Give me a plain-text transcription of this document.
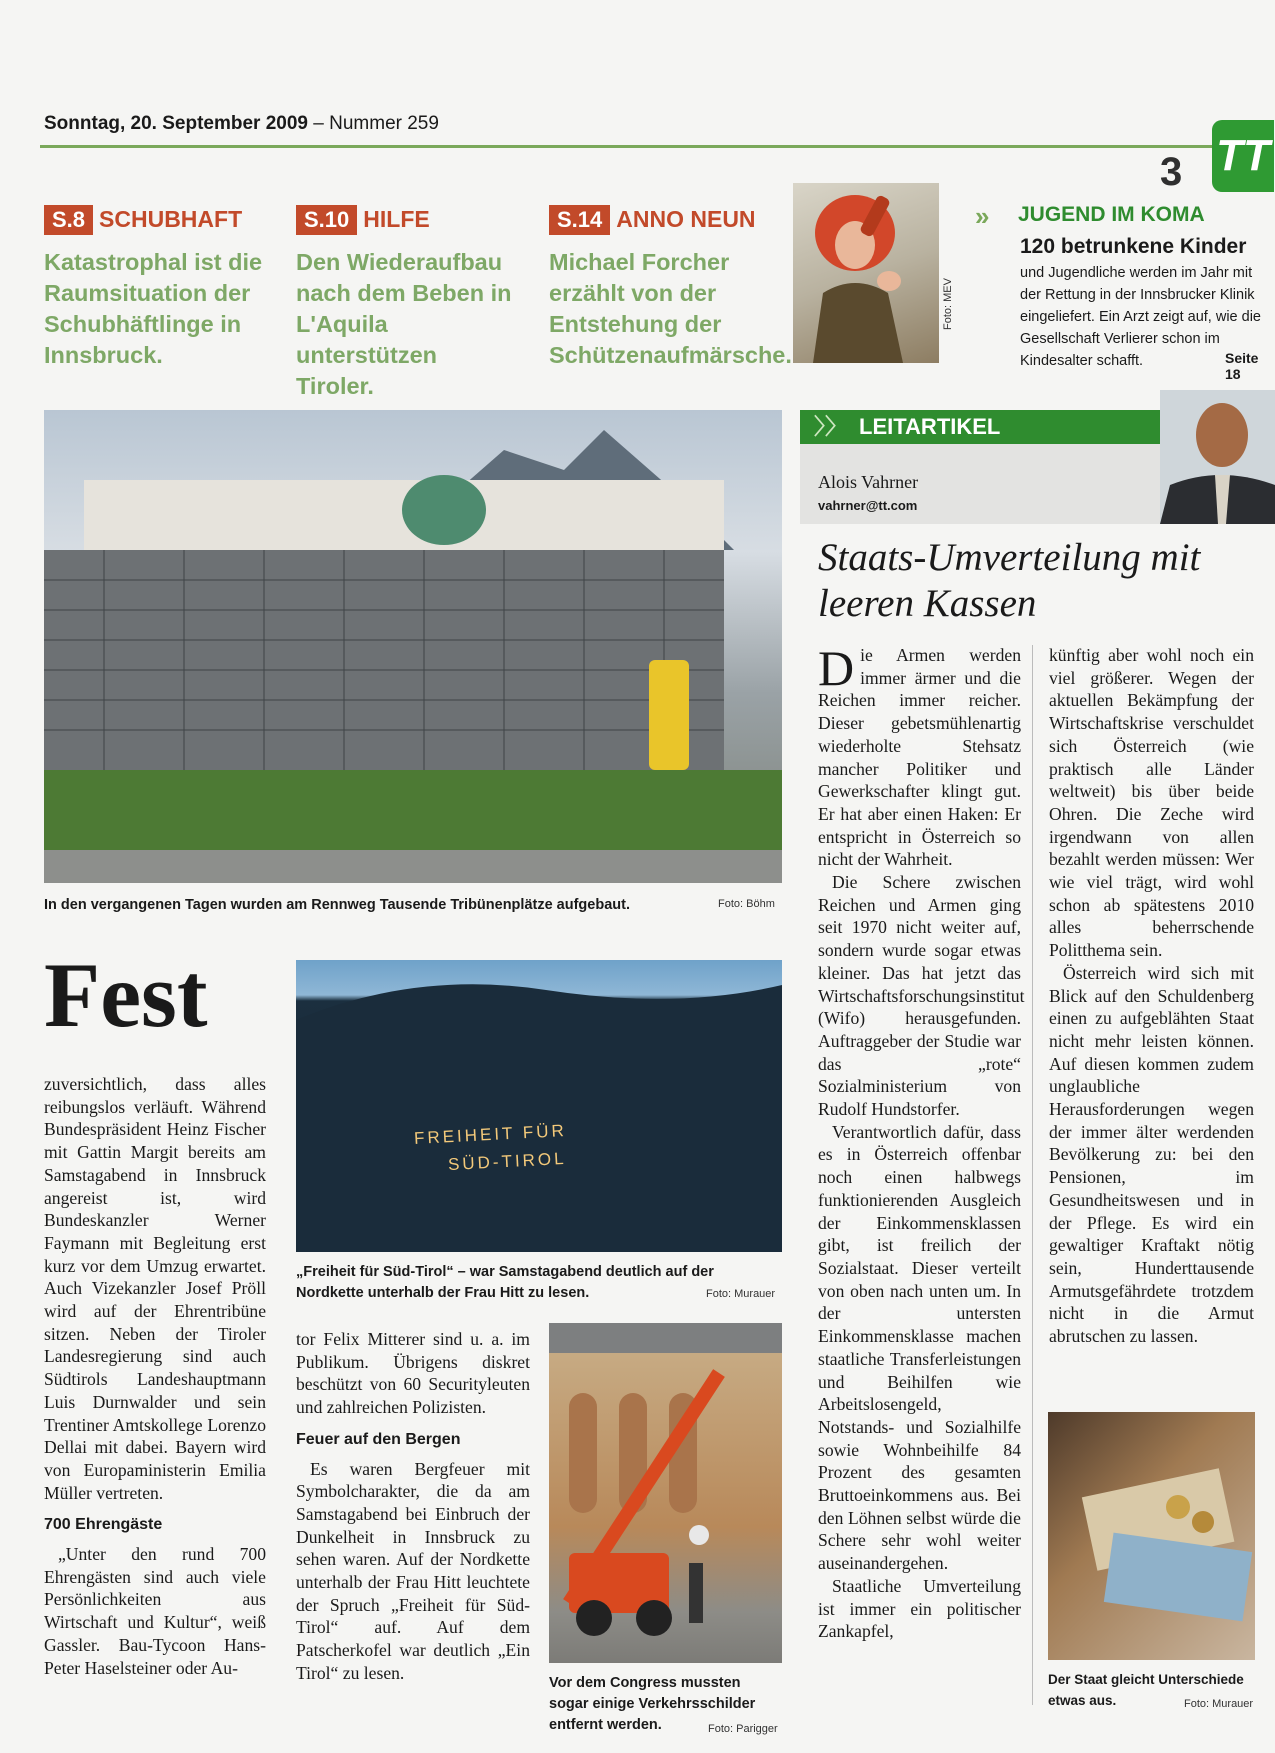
Sonntag, 20. September 2009 – Nummer 259
3 TT
S.8 SCHUBHAFT
Katastrophal ist die Raumsituation der Schubhäftlinge in Innsbruck.
S.10 HILFE
Den Wiederaufbau nach dem Beben in L'Aquila unterstützen Tiroler.
S.14 ANNO NEUN
Michael Forcher erzählt von der Entstehung der Schützenaufmärsche.
Foto: MEV
» JUGEND IM KOMA
120 betrunkene Kinder
und Jugendliche werden im Jahr mit der Rettung in der Innsbrucker Klinik eingeliefert. Ein Arzt zeigt auf, wie die Gesellschaft Verlierer schon im Kindesalter schafft.	Seite 18
In den vergangenen Tagen wurden am Rennweg Tausende Tribünenplätze aufgebaut.	Foto: Böhm
Fest

zuversichtlich, dass alles reibungslos verläuft. Während Bundespräsident Heinz Fischer mit Gattin Margit bereits am Samstagabend in Innsbruck angereist ist, wird Bundeskanzler Werner Faymann mit Begleitung erst kurz vor dem Umzug erwartet. Auch Vizekanzler Josef Pröll wird auf der Ehrentribüne sitzen. Neben der Tiroler Landesregierung sind auch Südtirols Landeshauptmann Luis Durnwalder und sein Trentiner Amtskollege Lorenzo Dellai mit dabei. Bayern wird von Europaministerin Emilia Müller vertreten.

700 Ehrengäste

„Unter den rund 700 Ehrengästen sind auch viele Persönlichkeiten aus Wirtschaft und Kultur“, weiß Gassler. Bau-Tycoon Hans-Peter Haselsteiner oder Au-

FREIHEIT FÜR
SÜD-TIROL
„Freiheit für Süd-Tirol“ – war Samstagabend deutlich auf der Nordkette unterhalb der Frau Hitt zu lesen.	Foto: Murauer

tor Felix Mitterer sind u. a. im Publikum. Übrigens diskret beschützt von 60 Securityleuten und zahlreichen Polizisten.

Feuer auf den Bergen

Es waren Bergfeuer mit Symbolcharakter, die da am Samstagabend bei Einbruch der Dunkelheit in Innsbruck zu sehen waren. Auf der Nordkette unterhalb der Frau Hitt leuchtete der Spruch „Freiheit für Süd-Tirol“ auf. Auf dem Patscherkofel war deutlich „Ein Tirol“ zu lesen.

Vor dem Congress mussten sogar einige Verkehrsschilder entfernt werden.	Foto: Parigger
〉〉 LEITARTIKEL
Alois Vahrner
vahrner@tt.com
Staats-Umverteilung mit leeren Kassen

Die Armen werden immer ärmer und die Reichen immer reicher. Dieser gebetsmühlenartig wiederholte Stehsatz mancher Politiker und Gewerkschafter klingt gut. Er hat aber einen Haken: Er entspricht in Österreich so nicht der Wahrheit.

Die Schere zwischen Reichen und Armen ging seit 1970 nicht weiter auf, sondern wurde sogar etwas kleiner. Das hat jetzt das Wirtschaftsforschungsinstitut (Wifo) herausgefunden. Auftraggeber der Studie war das „rote“ Sozialministerium von Rudolf Hundstorfer.

Verantwortlich dafür, dass es in Österreich offenbar noch einen halbwegs funktionierenden Ausgleich der Einkommensklassen gibt, ist freilich der Sozialstaat. Dieser verteilt von oben nach unten um. In der untersten Einkommensklasse machen staatliche Transferleistungen und Beihilfen wie Arbeitslosengeld, Notstands- und Sozialhilfe sowie Wohnbeihilfe 84 Prozent des gesamten Bruttoeinkommens aus. Bei den Löhnen selbst würde die Schere sehr wohl weiter auseinandergehen.

Staatliche Umverteilung ist immer ein politischer Zankapfel,

künftig aber wohl noch ein viel größerer. Wegen der aktuellen Bekämpfung der Wirtschaftskrise verschuldet sich Österreich (wie praktisch alle Länder weltweit) bis über beide Ohren. Die Zeche wird irgendwann von allen bezahlt werden müssen: Wer wie viel trägt, wird wohl schon ab spätestens 2010 alles beherrschende Politthema sein.

Österreich wird sich mit Blick auf den Schuldenberg einen zu aufgeblähten Staat nicht mehr leisten können. Auf diesen kommen zudem unglaubliche Herausforderungen wegen der immer älter werdenden Bevölkerung zu: bei den Pensionen, im Gesundheitswesen und in der Pflege. Es wird ein gewaltiger Kraftakt nötig sein, Hunderttausende Armutsgefährdete trotzdem nicht in die Armut abrutschen zu lassen.

Der Staat gleicht Unterschiede etwas aus.	Foto: Murauer
